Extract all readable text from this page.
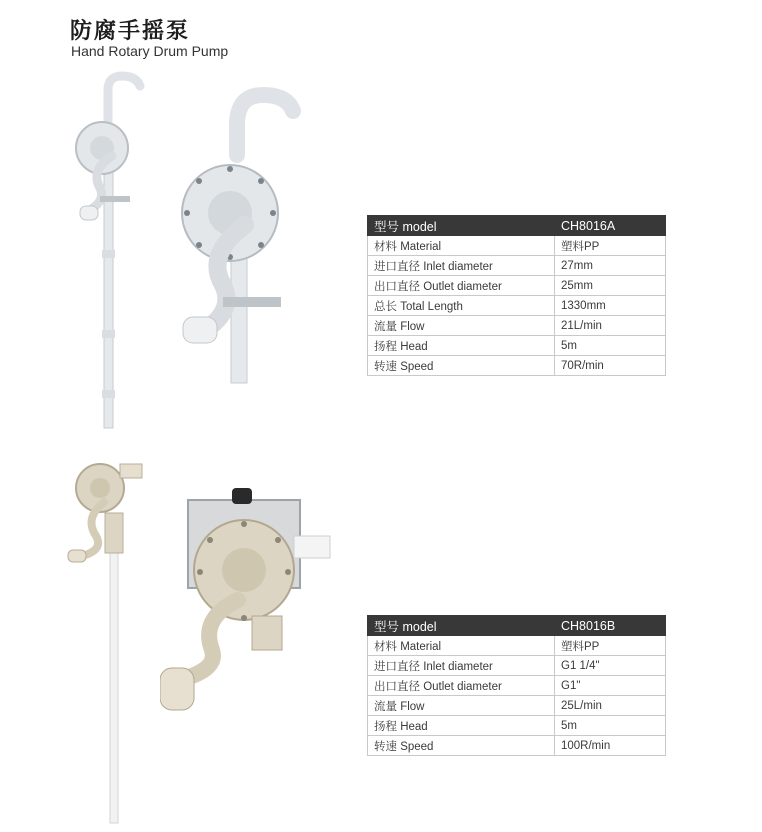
防腐手摇泵
Hand Rotary Drum Pump
型号 model	CH8016A
材料 Material	塑料PP
进口直径 Inlet diameter	27mm
出口直径 Outlet diameter	25mm
总长 Total Length	1330mm
流量 Flow	21L/min
扬程 Head	5m
转速 Speed	70R/min
型号 model	CH8016B
材料 Material	塑料PP
进口直径 Inlet diameter	G1 1/4"
出口直径 Outlet diameter	G1"
流量 Flow	25L/min
扬程 Head	5m
转速 Speed	100R/min
